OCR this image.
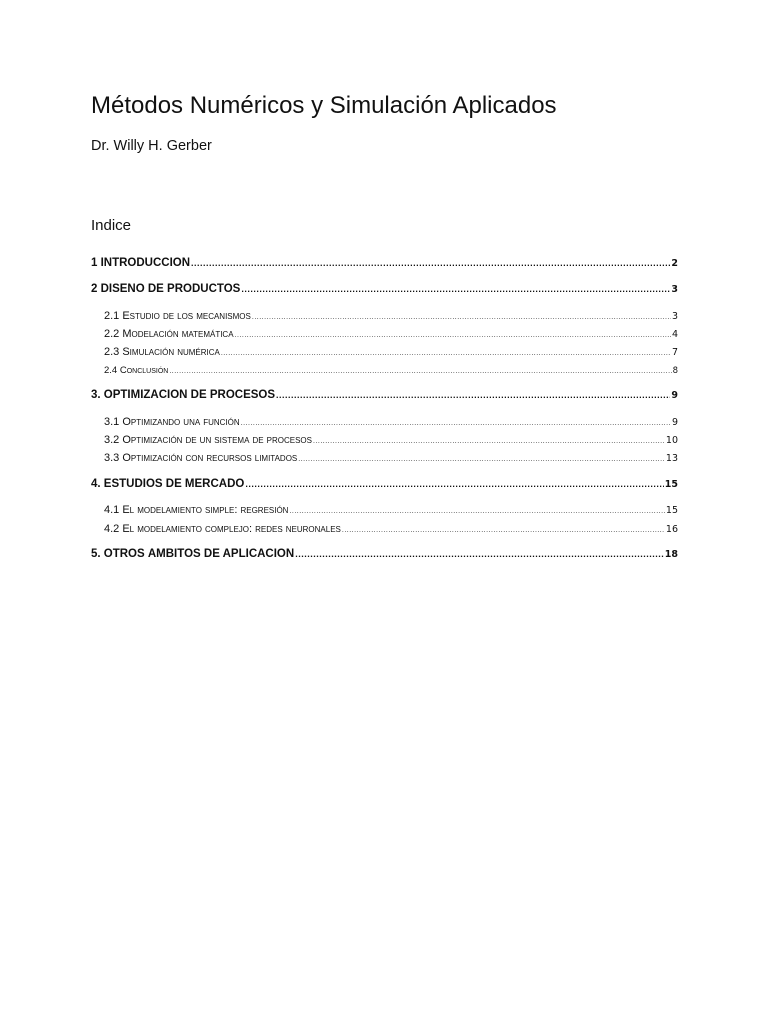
Métodos Numéricos y Simulación Aplicados
Dr. Willy H. Gerber
Indice
1 INTRODUCCIÓN .....	2
2 DISEÑO DE PRODUCTOS .....	3
2.1 Estudio de los mecanismos .....	3
2.2 Modelación matemática .....	4
2.3 Simulación numérica .....	7
2.4 Conclusión .....	8
3. OPTIMIZACIÓN DE PROCESOS .....	9
3.1 Optimizando una función .....	9
3.2 Optimización de un sistema de procesos .....	10
3.3 Optimización con recursos limitados .....	13
4. ESTUDIOS DE MERCADO .....	15
4.1 El modelamiento simple: regresión .....	15
4.2 El modelamiento complejo: redes neuronales .....	16
5. OTROS ÁMBITOS DE APLICACIÓN .....	18
